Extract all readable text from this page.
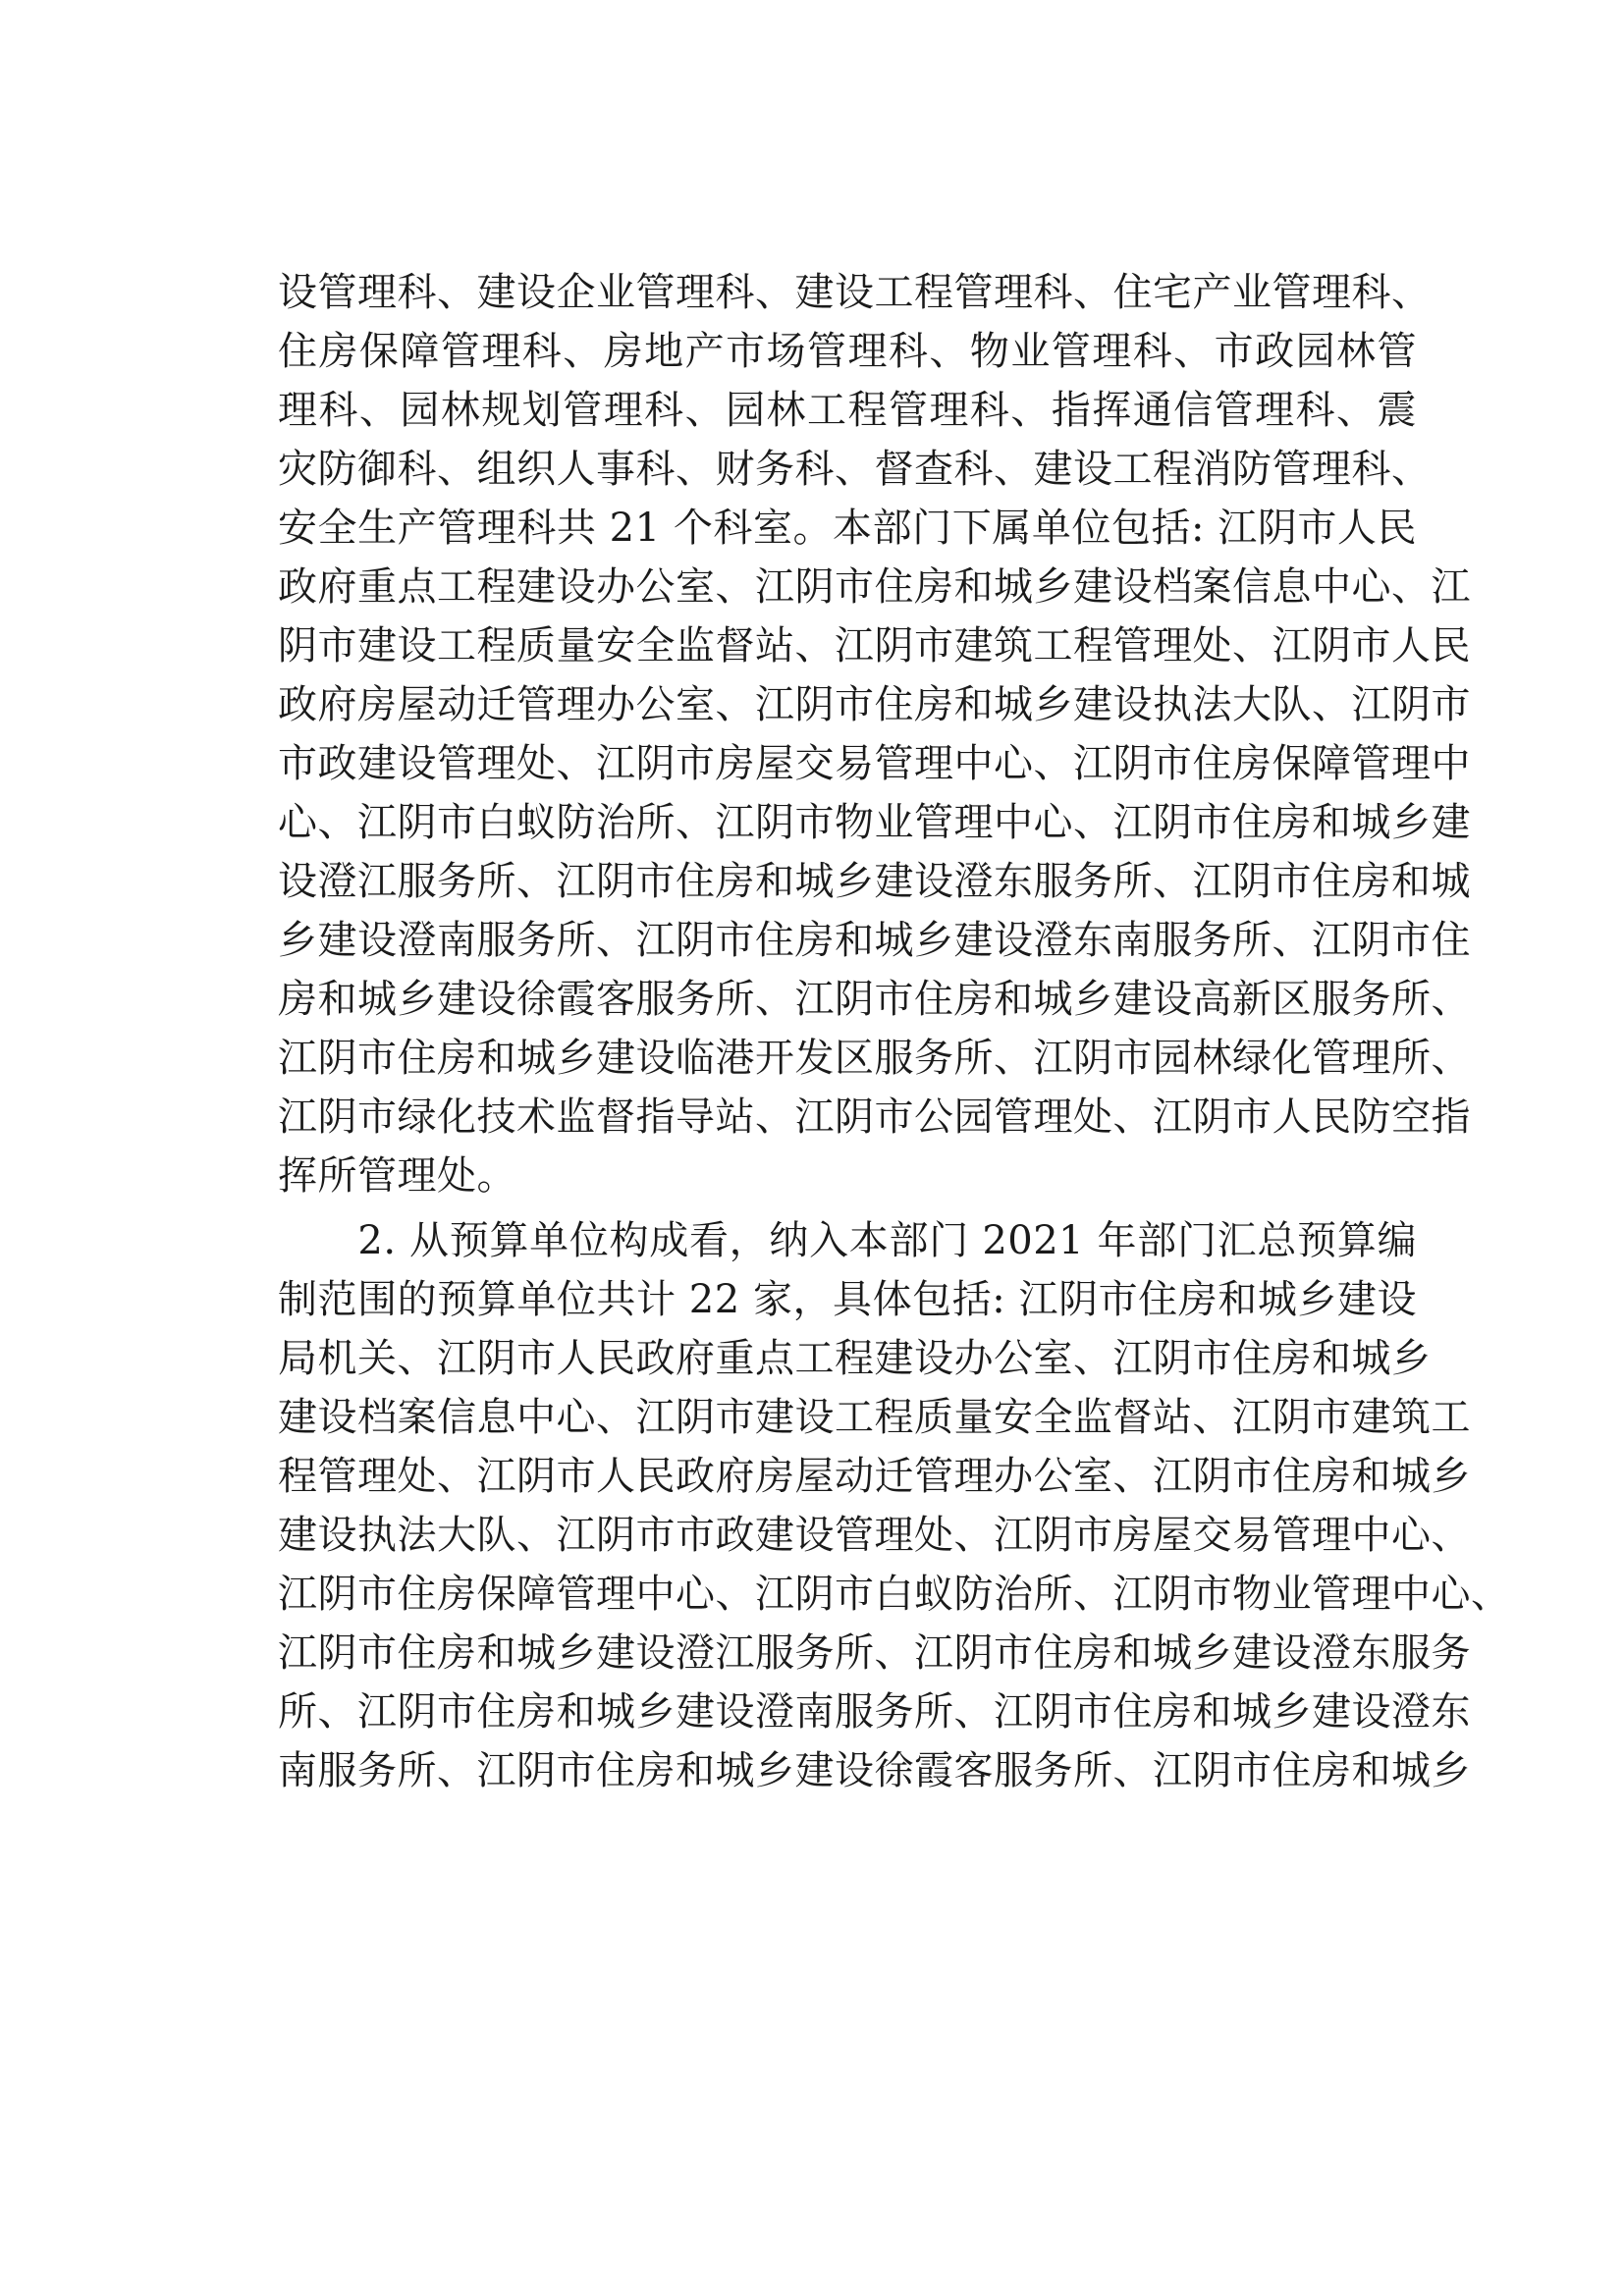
设管理科、建设企业管理科、建设工程管理科、住宅产业管理科、
住房保障管理科、房地产市场管理科、物业管理科、市政园林管
理科、园林规划管理科、园林工程管理科、指挥通信管理科、震
灾防御科、组织人事科、财务科、督查科、建设工程消防管理科、
安全生产管理科共 21 个科室。本部门下属单位包括: 江阴市人民
政府重点工程建设办公室、江阴市住房和城乡建设档案信息中心、江
阴市建设工程质量安全监督站、江阴市建筑工程管理处、江阴市人民
政府房屋动迁管理办公室、江阴市住房和城乡建设执法大队、江阴市
市政建设管理处、江阴市房屋交易管理中心、江阴市住房保障管理中
心、江阴市白蚁防治所、江阴市物业管理中心、江阴市住房和城乡建
设澄江服务所、江阴市住房和城乡建设澄东服务所、江阴市住房和城
乡建设澄南服务所、江阴市住房和城乡建设澄东南服务所、江阴市住
房和城乡建设徐霞客服务所、江阴市住房和城乡建设高新区服务所、
江阴市住房和城乡建设临港开发区服务所、江阴市园林绿化管理所、
江阴市绿化技术监督指导站、江阴市公园管理处、江阴市人民防空指
挥所管理处。
　　2. 从预算单位构成看，纳入本部门 2021 年部门汇总预算编
制范围的预算单位共计 22 家，具体包括: 江阴市住房和城乡建设
局机关、江阴市人民政府重点工程建设办公室、江阴市住房和城乡
建设档案信息中心、江阴市建设工程质量安全监督站、江阴市建筑工
程管理处、江阴市人民政府房屋动迁管理办公室、江阴市住房和城乡
建设执法大队、江阴市市政建设管理处、江阴市房屋交易管理中心、
江阴市住房保障管理中心、江阴市白蚁防治所、江阴市物业管理中心、
江阴市住房和城乡建设澄江服务所、江阴市住房和城乡建设澄东服务
所、江阴市住房和城乡建设澄南服务所、江阴市住房和城乡建设澄东
南服务所、江阴市住房和城乡建设徐霞客服务所、江阴市住房和城乡
